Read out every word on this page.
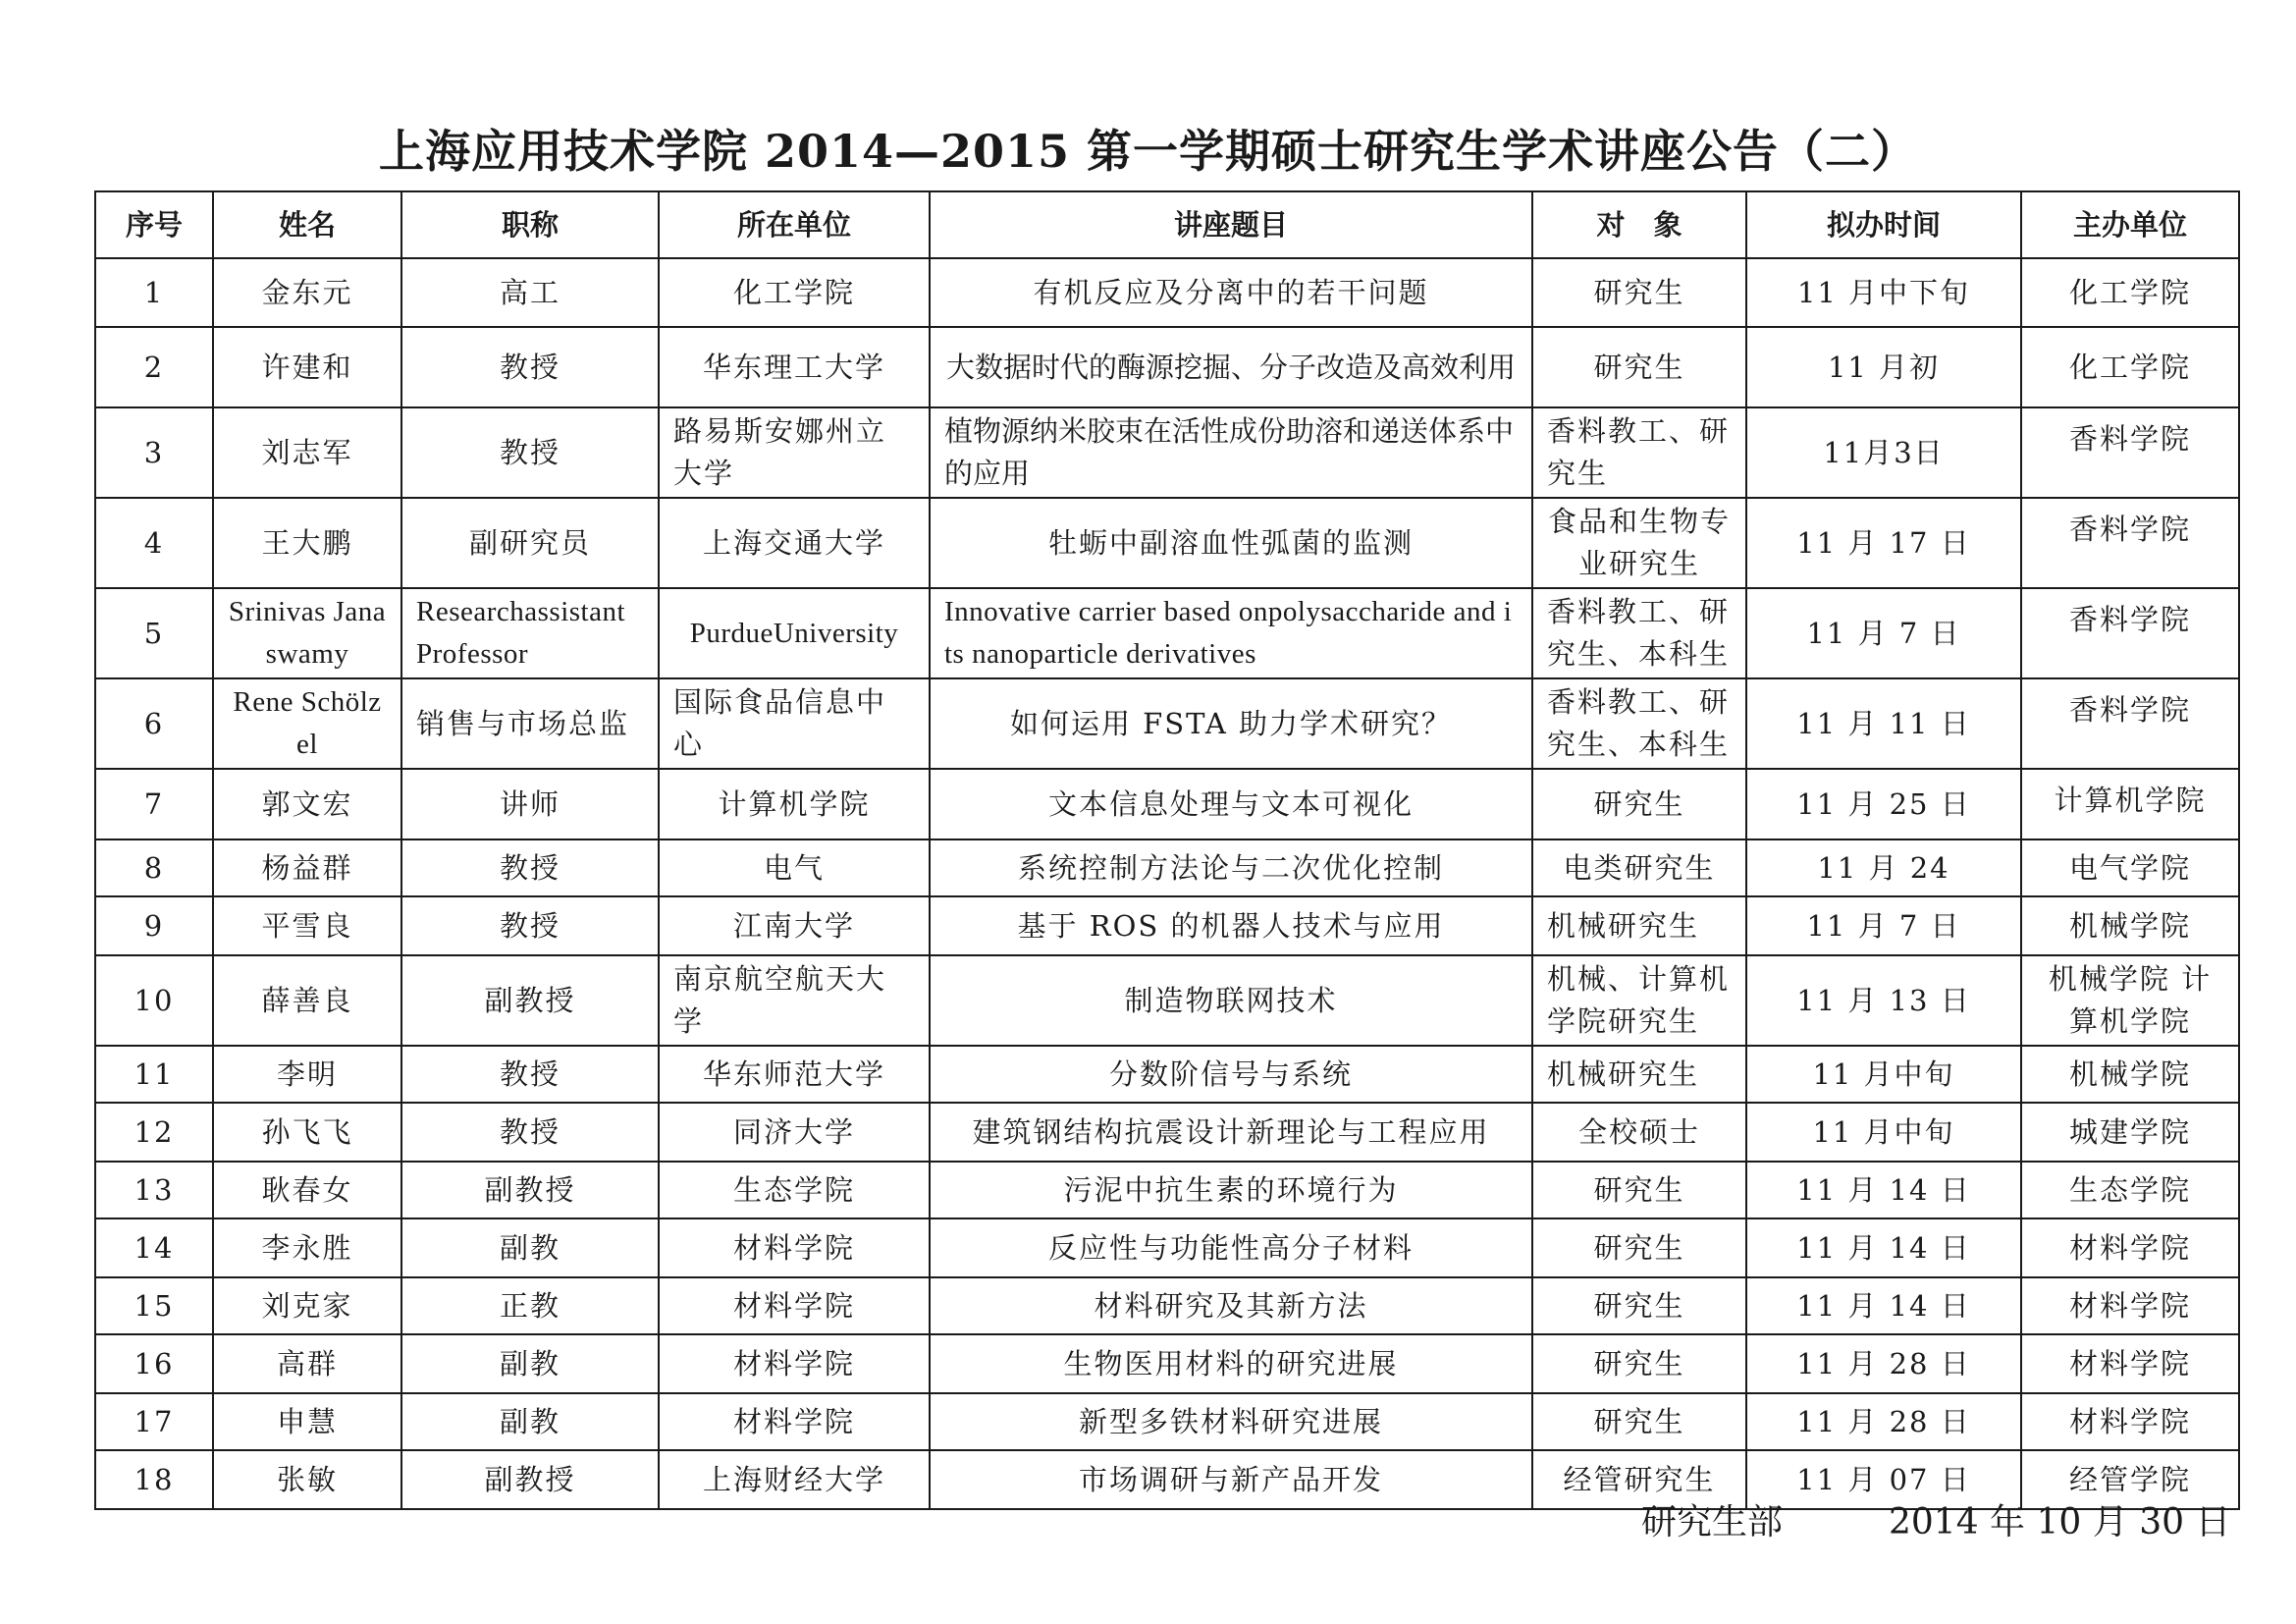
上海应用技术学院 2014—2015 第一学期硕士研究生学术讲座公告（二）
序号	姓名	职称	所在单位	讲座题目	对　象	拟办时间	主办单位
1	金东元	高工	化工学院	有机反应及分离中的若干问题	研究生	11 月中下旬	化工学院
2	许建和	教授	华东理工大学	大数据时代的酶源挖掘、分子改造及高效利用	研究生	11 月初	化工学院
3	刘志军	教授	路易斯安娜州立大学	植物源纳米胶束在活性成份助溶和递送体系中的应用	香料教工、研究生	11月3日	香料学院
4	王大鹏	副研究员	上海交通大学	牡蛎中副溶血性弧菌的监测	食品和生物专业研究生	11 月 17 日	香料学院
5	Srinivas Janaswamy	Researchassistant Professor	PurdueUniversity	Innovative carrier based onpolysaccharide and its nanoparticle derivatives	香料教工、研究生、本科生	11 月 7 日	香料学院
6	Rene Schölzel	销售与市场总监	国际食品信息中心	如何运用 FSTA 助力学术研究？	香料教工、研究生、本科生	11 月 11 日	香料学院
7	郭文宏	讲师	计算机学院	文本信息处理与文本可视化	研究生	11 月 25 日	计算机学院
8	杨益群	教授	电气	系统控制方法论与二次优化控制	电类研究生	11 月 24	电气学院
9	平雪良	教授	江南大学	基于 ROS 的机器人技术与应用	机械研究生	11 月 7 日	机械学院
10	薛善良	副教授	南京航空航天大学	制造物联网技术	机械、计算机学院研究生	11 月 13 日	机械学院 计算机学院
11	李明	教授	华东师范大学	分数阶信号与系统	机械研究生	11 月中旬	机械学院
12	孙飞飞	教授	同济大学	建筑钢结构抗震设计新理论与工程应用	全校硕士	11 月中旬	城建学院
13	耿春女	副教授	生态学院	污泥中抗生素的环境行为	研究生	11 月 14 日	生态学院
14	李永胜	副教	材料学院	反应性与功能性高分子材料	研究生	11 月 14 日	材料学院
15	刘克家	正教	材料学院	材料研究及其新方法	研究生	11 月 14 日	材料学院
16	高群	副教	材料学院	生物医用材料的研究进展	研究生	11 月 28 日	材料学院
17	申慧	副教	材料学院	新型多铁材料研究进展	研究生	11 月 28 日	材料学院
18	张敏	副教授	上海财经大学	市场调研与新产品开发	经管研究生	11 月 07 日	经管学院
研究生部	2014 年 10 月 30 日
